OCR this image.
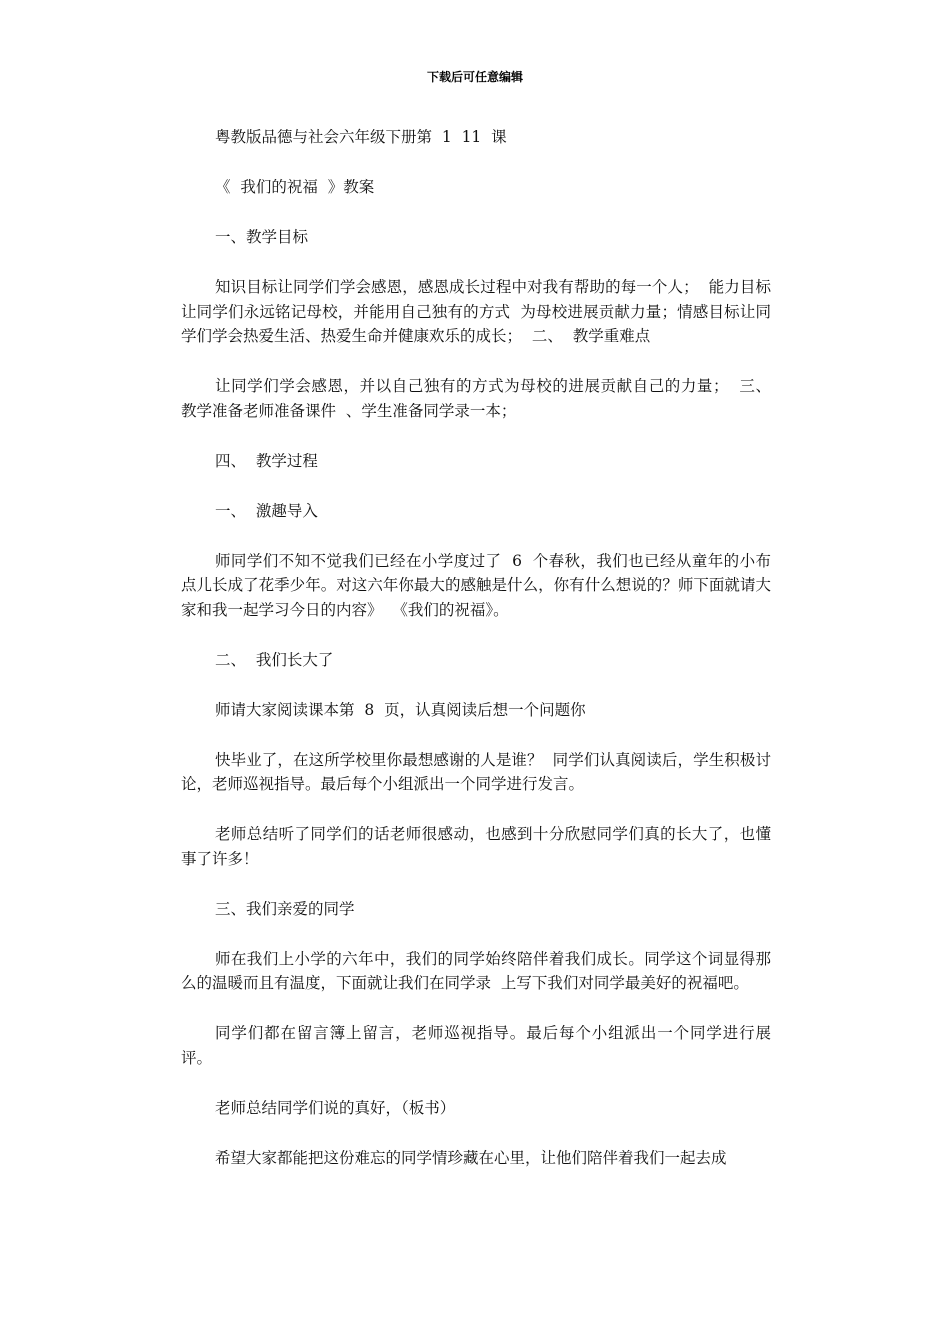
下载后可任意编辑

粤教版品德与社会六年级下册第  1  11  课

《  我们的祝福  》教案

一、教学目标

知识目标让同学们学会感恩，感恩成长过程中对我有帮助的每一个人；  能力目标让同学们永远铭记母校，并能用自己独有的方式  为母校进展贡献力量；情感目标让同学们学会热爱生活、热爱生命并健康欢乐的成长；  二、  教学重难点

让同学们学会感恩，并以自己独有的方式为母校的进展贡献自己的力量；  三、  教学准备老师准备课件  、学生准备同学录一本；

四、  教学过程

一、  激趣导入

师同学们不知不觉我们已经在小学度过了  6  个春秋，我们也已经从童年的小布点儿长成了花季少年。对这六年你最大的感触是什么，你有什么想说的？师下面就请大家和我一起学习今日的内容》  《我们的祝福》。

二、  我们长大了

师请大家阅读课本第  8  页，认真阅读后想一个问题你

快毕业了，在这所学校里你最想感谢的人是谁？  同学们认真阅读后，学生积极讨论，老师巡视指导。最后每个小组派出一个同学进行发言。

老师总结听了同学们的话老师很感动，也感到十分欣慰同学们真的长大了，也懂事了许多！

三、我们亲爱的同学

师在我们上小学的六年中，我们的同学始终陪伴着我们成长。同学这个词显得那么的温暖而且有温度，下面就让我们在同学录  上写下我们对同学最美好的祝福吧。

同学们都在留言簿上留言，老师巡视指导。最后每个小组派出一个同学进行展评。

老师总结同学们说的真好，（板书）

希望大家都能把这份难忘的同学情珍藏在心里，让他们陪伴着我们一起去成
